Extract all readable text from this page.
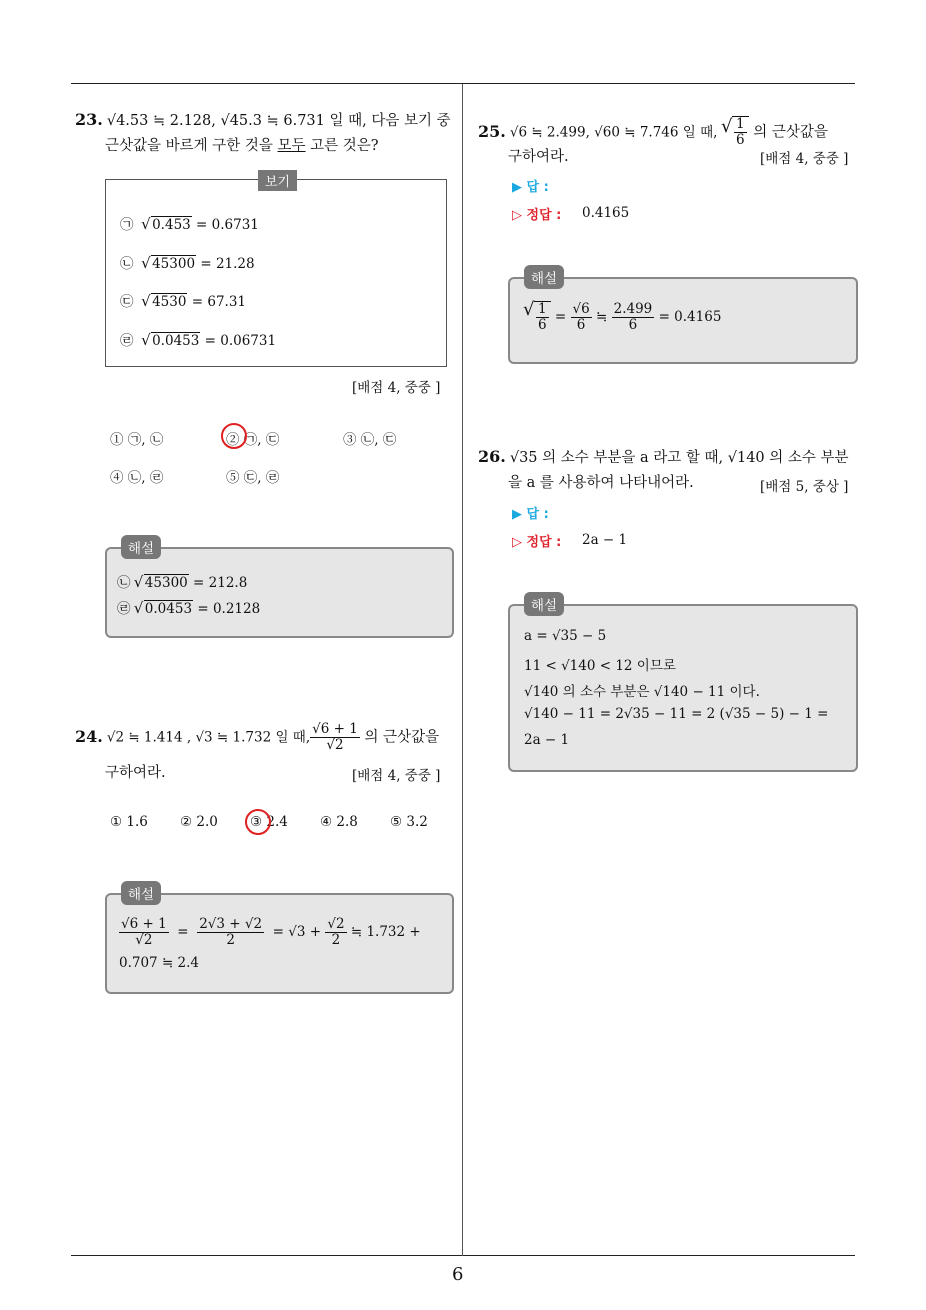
23. √4.53 ≒ 2.128, √45.3 ≒ 6.731 일 때, 다음 보기 중
근삿값을 바르게 구한 것을 모두 고른 것은?
보기
㉠ √ 0.453 = 0.6731
㉡ √ 45300 = 21.28
㉢ √ 4530 = 67.31
㉣ √ 0.0453 = 0.06731
[배점 4, 중중 ]
① ㉠, ㉡	② ㉠, ㉢	③ ㉡, ㉢
④ ㉡, ㉣	⑤ ㉢, ㉣
해설
㉡ √ 45300 = 212.8
㉣ √ 0.0453 = 0.2128
24. √2 ≒ 1.414 , √3 ≒ 1.732 일 때, $\frac{√6 + 1}{√2}$ 의 근삿값을
구하여라.	[배점 4, 중중 ]
① 1.6 ② 2.0 ③ 2.4 ④ 2.8 ⑤ 3.2
해설
$\frac{√6 + 1}{√2} = \frac{2√3 + √2}{2} = √3 + \frac{√2}{2}$ ≒ 1.732 +
0.707 ≒ 2.4
25. √6 ≒ 2.499, √60 ≒ 7.746 일 때, √ $\frac{1}{6}$ 의 근삿값을
구하여라.	[배점 4, 중중 ]
▶ 답 :
▷ 정답 : 0.4165
해설
√ $\frac{1}{6} = \frac{√6}{6}$ ≒ $\frac{2.499}{6} = 0.4165$
26. √35 의 소수 부분을 a 라고 할 때, √140 의 소수 부분
을 a 를 사용하여 나타내어라.	[배점 5, 중상 ]
▶ 답 :
▷ 정답 : 2a − 1
해설
a = √35 − 5
11 < √140 < 12 이므로
√140 의 소수 부분은 √140 − 11 이다.
√140 − 11 = 2√35 − 11 = 2 (√35 − 5) − 1 =
2a − 1
6
